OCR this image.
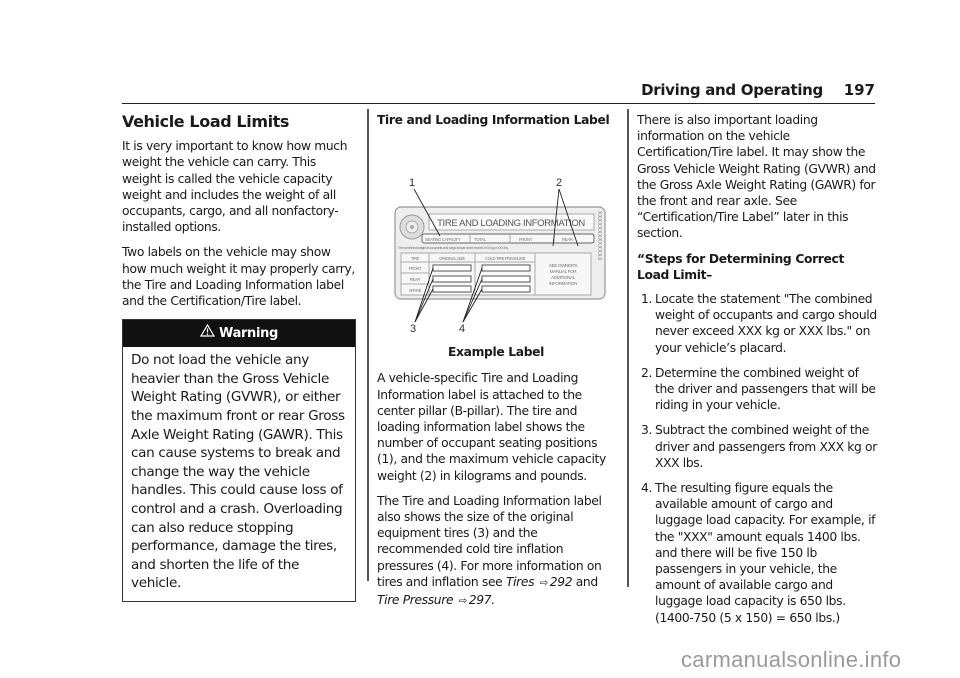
Driving and Operating 197
Vehicle Load Limits

It is very important to know how much weight the vehicle can carry. This weight is called the vehicle capacity weight and includes the weight of all occupants, cargo, and all nonfactory-installed options.

Two labels on the vehicle may show how much weight it may properly carry, the Tire and Loading Information label and the Certification/Tire label.

Warning
Do not load the vehicle any heavier than the Gross Vehicle Weight Rating (GVWR), or either the maximum front or rear Gross Axle Weight Rating (GAWR). This can cause systems to break and change the way the vehicle handles. This could cause loss of control and a crash. Overloading can also reduce stopping performance, damage the tires, and shorten the life of the vehicle.
Tire and Loading Information Label
TIRE AND LOADING INFORMATION
SEATING CAPACITY	TOTAL	FRONT	REAR
The combined weight of occupants and cargo should never exceed XXX kg or XXX lbs.
TIRE	ORIGINAL SIZE	COLD TIRE PRESSURE
FRONT
REAR
SPARE
SEE OWNER'S
MANUAL FOR
ADDITIONAL
INFORMATION
XXXXXXXXXXXXX
1	2
3	4
Example Label

A vehicle-specific Tire and Loading Information label is attached to the center pillar (B-pillar). The tire and loading information label shows the number of occupant seating positions (1), and the maximum vehicle capacity weight (2) in kilograms and pounds.

The Tire and Loading Information label also shows the size of the original equipment tires (3) and the recommended cold tire inflation pressures (4). For more information on tires and inflation see Tires ⇨ 292 and Tire Pressure ⇨ 297.

There is also important loading information on the vehicle Certification/Tire label. It may show the Gross Vehicle Weight Rating (GVWR) and the Gross Axle Weight Rating (GAWR) for the front and rear axle. See “Certification/Tire Label” later in this section.

“Steps for Determining Correct Load Limit–
1. Locate the statement "The combined weight of occupants and cargo should never exceed XXX kg or XXX lbs." on your vehicle’s placard.
2. Determine the combined weight of the driver and passengers that will be riding in your vehicle.
3. Subtract the combined weight of the driver and passengers from XXX kg or XXX lbs.
4. The resulting figure equals the available amount of cargo and luggage load capacity. For example, if the "XXX" amount equals 1400 lbs. and there will be five 150 lb passengers in your vehicle, the amount of available cargo and luggage load capacity is 650 lbs.
(1400-750 (5 x 150) = 650 lbs.)
carmanualsonline.info
